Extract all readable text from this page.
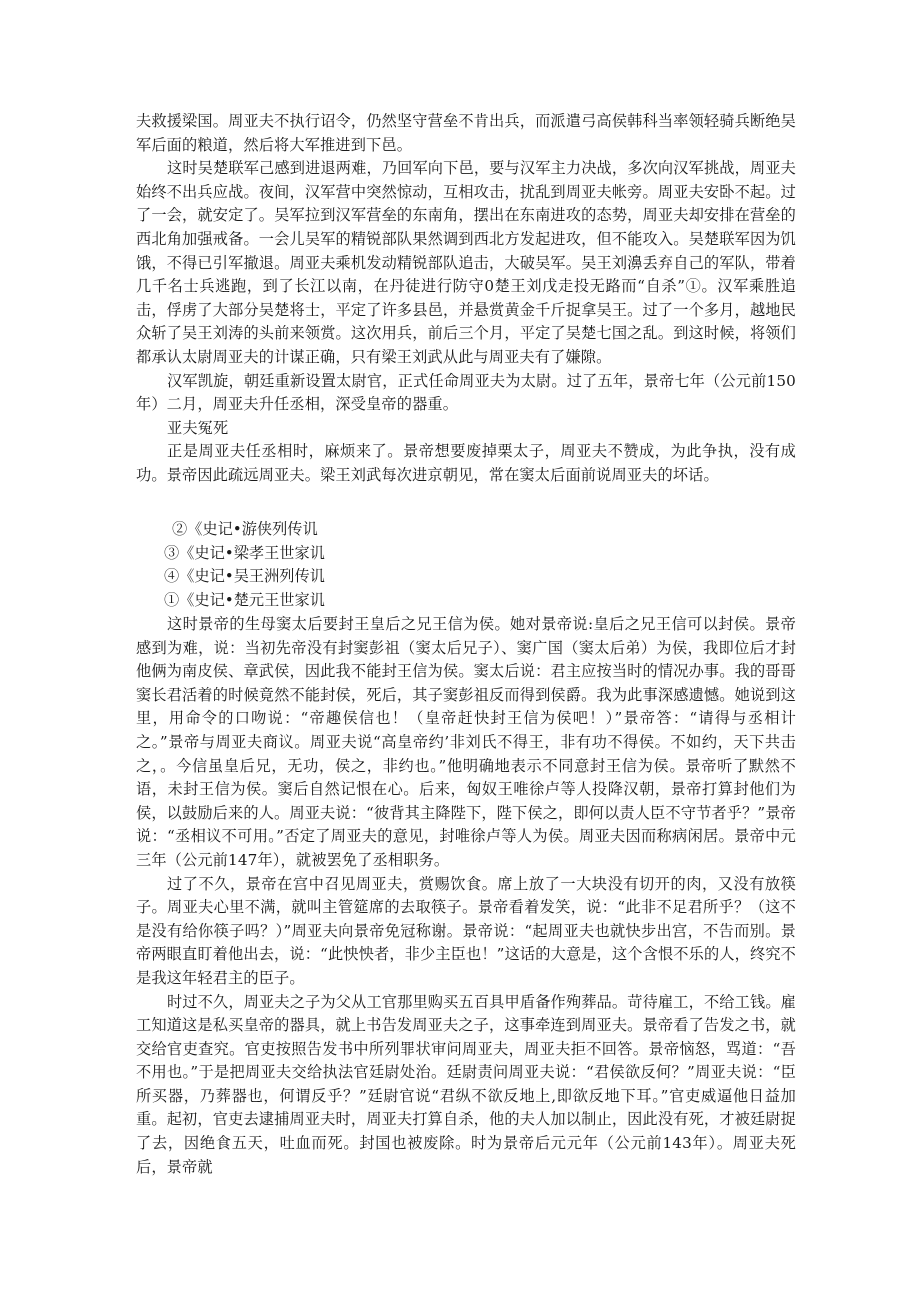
夫救援梁国。周亚夫不执行诏令，仍然坚守营垒不肯出兵，而派遣弓高侯韩科当率领轻骑兵断绝吴军后面的粮道，然后将大军推进到下邑。

这时吴楚联军己感到进退两难，乃回军向下邑，要与汉军主力决战，多次向汉军挑战，周亚夫始终不出兵应战。夜间，汉军营中突然惊动，互相攻击，扰乱到周亚夫帐旁。周亚夫安卧不起。过了一会，就安定了。吴军拉到汉军营垒的东南角，摆出在东南进攻的态势，周亚夫却安排在营垒的西北角加强戒备。一会儿吴军的精锐部队果然调到西北方发起进攻，但不能攻入。吴楚联军因为饥饿，不得已引军撤退。周亚夫乘机发动精锐部队追击，大破吴军。吴王刘濞丢弃自己的军队，带着几千名士兵逃跑，到了长江以南，在丹徒进行防守0楚王刘戊走投无路而“自杀”①。汉军乘胜追击，俘虏了大部分吴楚将士，平定了许多县邑，并悬赏黄金千斤捉拿吴王。过了一个多月，越地民众斩了吴王刘涛的头前来领赏。这次用兵，前后三个月，平定了吴楚七国之乱。到这时候，将领们都承认太尉周亚夫的计谋正确，只有梁王刘武从此与周亚夫有了嫌隙。

汉军凯旋，朝廷重新设置太尉官，正式任命周亚夫为太尉。过了五年，景帝七年（公元前150年）二月，周亚夫升任丞相，深受皇帝的器重。

亚夫冤死

正是周亚夫任丞相时，麻烦来了。景帝想要废掉栗太子，周亚夫不赞成，为此争执，没有成功。景帝因此疏远周亚夫。梁王刘武每次进京朝见，常在窦太后面前说周亚夫的坏话。

②《史记•游侠列传讥

③《史记•梁孝王世家讥

④《史记•吴王洲列传讥

①《史记•楚元王世家讥

这时景帝的生母窦太后要封王皇后之兄王信为侯。她对景帝说:皇后之兄王信可以封侯。景帝感到为难，说：当初先帝没有封窦彭祖（窦太后兄子）、窦广国（窦太后弟）为侯，我即位后才封他俩为南皮侯、章武侯，因此我不能封王信为侯。窦太后说：君主应按当时的情况办事。我的哥哥窦长君活着的时候竟然不能封侯，死后，其子窦彭祖反而得到侯爵。我为此事深感遗憾。她说到这里，用命令的口吻说：“帝趣侯信也！（皇帝赶快封王信为侯吧！）”景帝答：“请得与丞相计之。”景帝与周亚夫商议。周亚夫说“高皇帝约’非刘氏不得王，非有功不得侯。不如约，天下共击之，。今信虽皇后兄，无功，侯之，非约也。”他明确地表示不同意封王信为侯。景帝听了默然不语，未封王信为侯。窦后自然记恨在心。后来，匈奴王唯徐卢等人投降汉朝，景帝打算封他们为侯，以鼓励后来的人。周亚夫说：“彼背其主降陛下，陛下侯之，即何以责人臣不守节者乎？”景帝说：“丞相议不可用。”否定了周亚夫的意见，封唯徐卢等人为侯。周亚夫因而称病闲居。景帝中元三年（公元前147年），就被罢免了丞相职务。

过了不久，景帝在宫中召见周亚夫，赏赐饮食。席上放了一大块没有切开的肉，又没有放筷子。周亚夫心里不满，就叫主管筵席的去取筷子。景帝看着发笑，说：“此非不足君所乎？（这不是没有给你筷子吗？）”周亚夫向景帝免冠称谢。景帝说：“起周亚夫也就快步出宫，不告而别。景帝两眼直盯着他出去，说：“此怏怏者，非少主臣也！”这话的大意是，这个含恨不乐的人，终究不是我这年轻君主的臣子。

时过不久，周亚夫之子为父从工官那里购买五百具甲盾备作殉葬品。苛待雇工，不给工钱。雇工知道这是私买皇帝的器具，就上书告发周亚夫之子，这事牵连到周亚夫。景帝看了告发之书，就交给官吏查究。官吏按照告发书中所列罪状审问周亚夫，周亚夫拒不回答。景帝恼怒，骂道：“吾不用也。”于是把周亚夫交给执法官廷尉处治。廷尉责问周亚夫说：“君侯欲反何？”周亚夫说：“臣所买器，乃葬器也，何谓反乎？”廷尉官说“君纵不欲反地上,即欲反地下耳。”官吏威逼他日益加重。起初，官吏去逮捕周亚夫时，周亚夫打算自杀，他的夫人加以制止，因此没有死，才被廷尉捉了去，因绝食五天，吐血而死。封国也被废除。时为景帝后元元年（公元前143年）。周亚夫死后，景帝就
